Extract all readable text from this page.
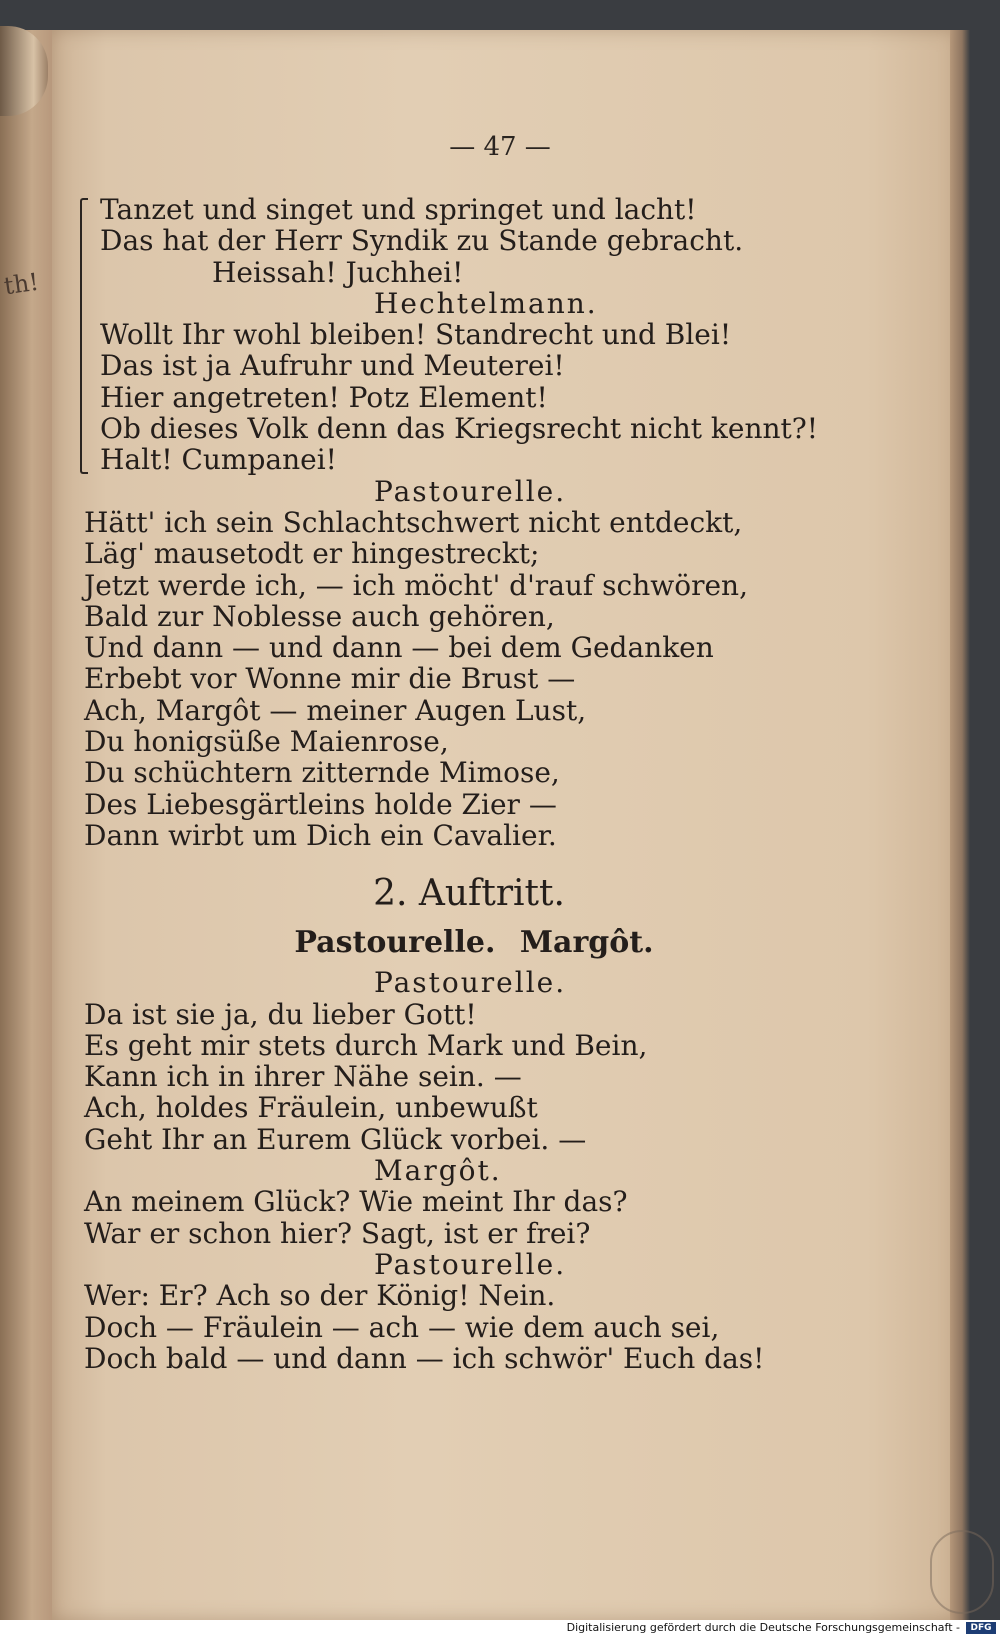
th!
— 47 —
Tanzet und singet und springet und lacht!
Das hat der Herr Syndik zu Stande gebracht.
Heissah! Juchhei!
Hechtelmann.
Wollt Ihr wohl bleiben! Standrecht und Blei!
Das ist ja Aufruhr und Meuterei!
Hier angetreten! Potz Element!
Ob dieses Volk denn das Kriegsrecht nicht kennt?!
Halt! Cumpanei!
Pastourelle.
Hätt' ich sein Schlachtschwert nicht entdeckt,
Läg' mausetodt er hingestreckt;
Jetzt werde ich, — ich möcht' d'rauf schwören,
Bald zur Noblesse auch gehören,
Und dann — und dann — bei dem Gedanken
Erbebt vor Wonne mir die Brust —
Ach, Margôt — meiner Augen Lust,
Du honigsüße Maienrose,
Du schüchtern zitternde Mimose,
Des Liebesgärtleins holde Zier —
Dann wirbt um Dich ein Cavalier.
2. Auftritt.
Pastourelle. Margôt.
Pastourelle.
Da ist sie ja, du lieber Gott!
Es geht mir stets durch Mark und Bein,
Kann ich in ihrer Nähe sein. —
Ach, holdes Fräulein, unbewußt
Geht Ihr an Eurem Glück vorbei. —
Margôt.
An meinem Glück? Wie meint Ihr das?
War er schon hier? Sagt, ist er frei?
Pastourelle.
Wer: Er? Ach so der König! Nein.
Doch — Fräulein — ach — wie dem auch sei,
Doch bald — und dann — ich schwör' Euch das!
Digitalisierung gefördert durch die Deutsche Forschungsgemeinschaft -	DFG
